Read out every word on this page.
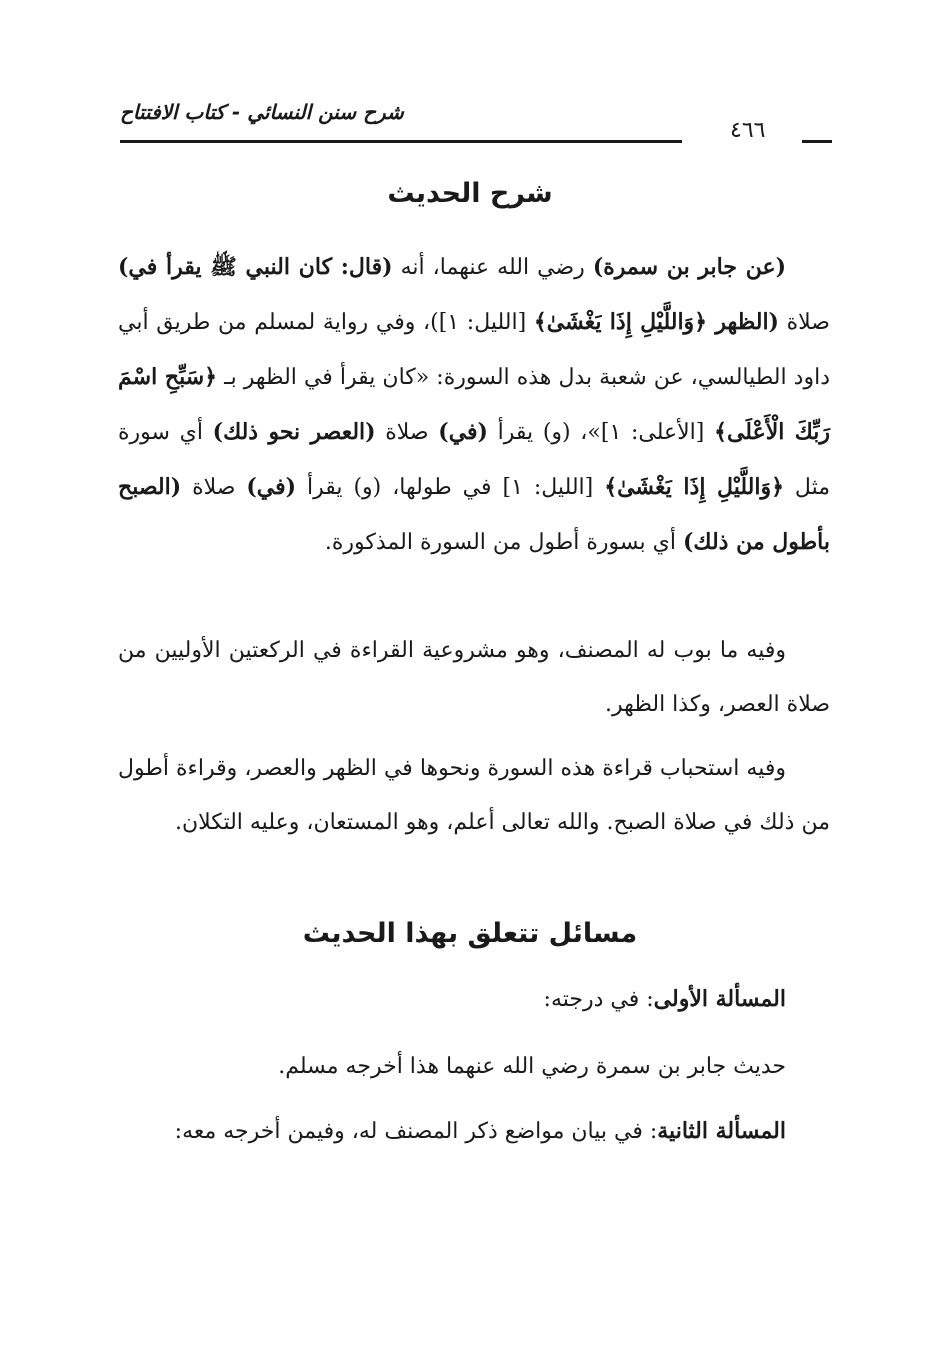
شرح سنن النسائي - كتاب الافتتاح
٤٦٦
شرح الحديث
(عن جابر بن سمرة) رضي الله عنهما، أنه (قال: كان النبي ﷺ يقرأ في) صلاة (الظهر ﴿وَاللَّيْلِ إِذَا يَغْشَىٰ﴾ [الليل: ١])، وفي رواية لمسلم من طريق أبي داود الطيالسي، عن شعبة بدل هذه السورة: «كان يقرأ في الظهر بـ ﴿سَبِّحِ اسْمَ رَبِّكَ الْأَعْلَى﴾ [الأعلى: ١]»، (و) يقرأ (في) صلاة (العصر نحو ذلك) أي سورة مثل ﴿وَاللَّيْلِ إِذَا يَغْشَىٰ﴾ [الليل: ١] في طولها، (و) يقرأ (في) صلاة (الصبح بأطول من ذلك) أي بسورة أطول من السورة المذكورة.
وفيه ما بوب له المصنف، وهو مشروعية القراءة في الركعتين الأوليين من صلاة العصر، وكذا الظهر.
وفيه استحباب قراءة هذه السورة ونحوها في الظهر والعصر، وقراءة أطول من ذلك في صلاة الصبح. والله تعالى أعلم، وهو المستعان، وعليه التكلان.
مسائل تتعلق بهذا الحديث
المسألة الأولى: في درجته:
حديث جابر بن سمرة رضي الله عنهما هذا أخرجه مسلم.
المسألة الثانية: في بيان مواضع ذكر المصنف له، وفيمن أخرجه معه:
